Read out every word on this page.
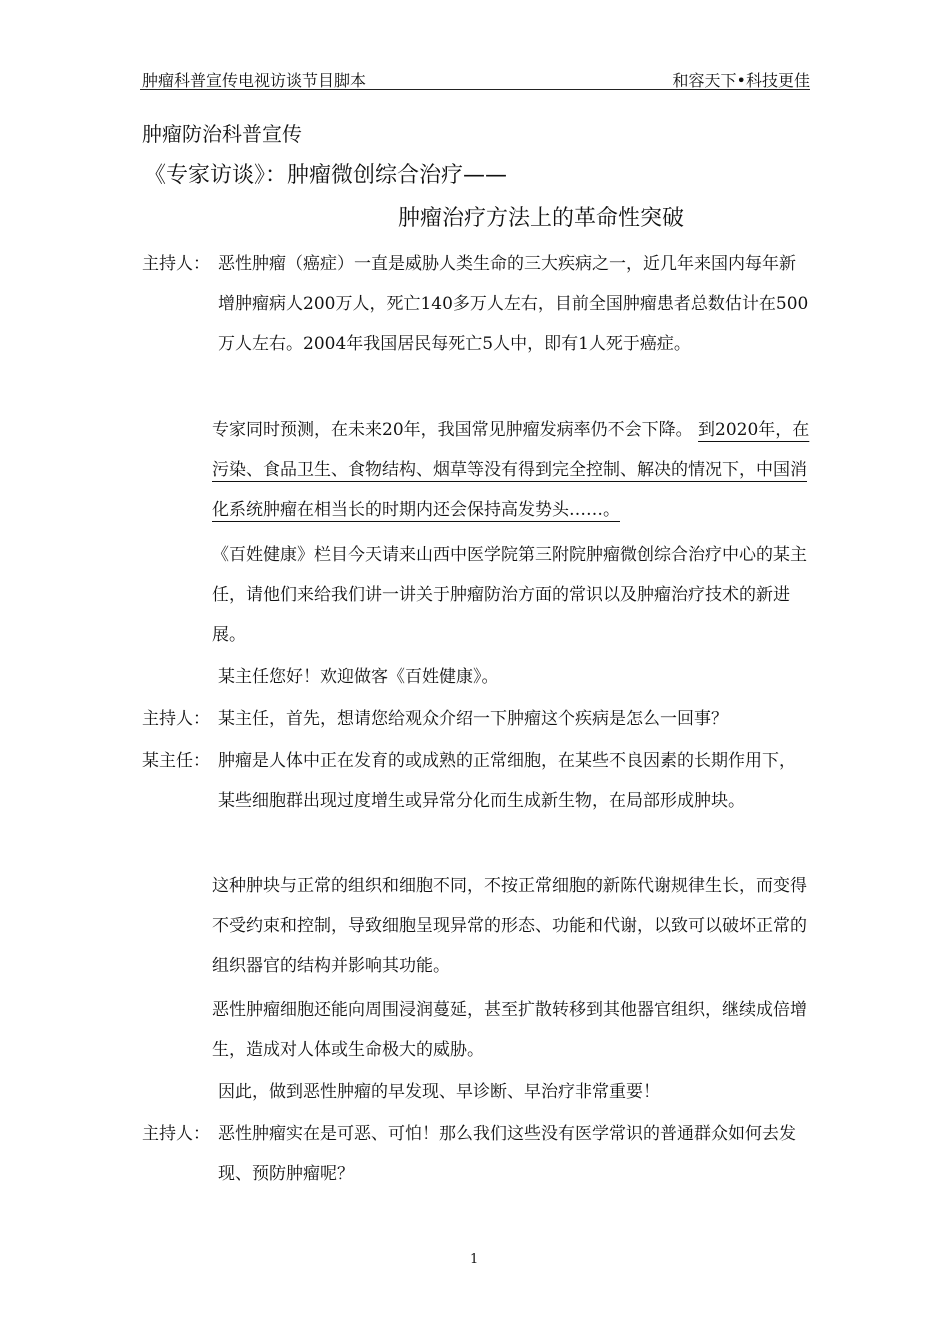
肿瘤科普宣传电视访谈节目脚本	和容天下•科技更佳
肿瘤防治科普宣传
《专家访谈》：肿瘤微创综合治疗——
肿瘤治疗方法上的革命性突破
主持人： 恶性肿瘤（癌症）一直是威胁人类生命的三大疾病之一，近几年来国内每年新增肿瘤病人200万人，死亡140多万人左右，目前全国肿瘤患者总数估计在500万人左右。2004年我国居民每死亡5人中，即有1人死于癌症。
专家同时预测，在未来20年，我国常见肿瘤发病率仍不会下降。 到2020年，在污染、食品卫生、食物结构、烟草等没有得到完全控制、解决的情况下，中国消化系统肿瘤在相当长的时期内还会保持高发势头……。
《百姓健康》栏目今天请来山西中医学院第三附院肿瘤微创综合治疗中心的某主任，请他们来给我们讲一讲关于肿瘤防治方面的常识以及肿瘤治疗技术的新进展。
某主任您好！欢迎做客《百姓健康》。
主持人： 某主任，首先，想请您给观众介绍一下肿瘤这个疾病是怎么一回事？
某主任： 肿瘤是人体中正在发育的或成熟的正常细胞，在某些不良因素的长期作用下，某些细胞群出现过度增生或异常分化而生成新生物，在局部形成肿块。
这种肿块与正常的组织和细胞不同，不按正常细胞的新陈代谢规律生长，而变得不受约束和控制，导致细胞呈现异常的形态、功能和代谢，以致可以破坏正常的组织器官的结构并影响其功能。
恶性肿瘤细胞还能向周围浸润蔓延，甚至扩散转移到其他器官组织，继续成倍增生，造成对人体或生命极大的威胁。
因此，做到恶性肿瘤的早发现、早诊断、早治疗非常重要！
主持人： 恶性肿瘤实在是可恶、可怕！那么我们这些没有医学常识的普通群众如何去发现、预防肿瘤呢？
1
